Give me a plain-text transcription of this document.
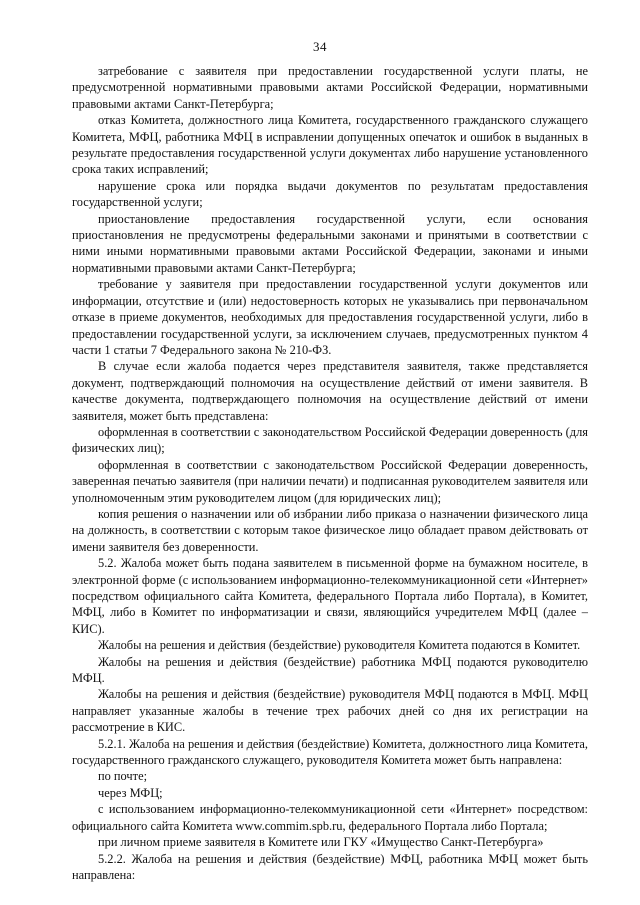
34

затребование с заявителя при предоставлении государственной услуги платы, не предусмотренной нормативными правовыми актами Российской Федерации, нормативными правовыми актами Санкт-Петербурга;

отказ Комитета, должностного лица Комитета, государственного гражданского служащего Комитета, МФЦ, работника МФЦ в исправлении допущенных опечаток и ошибок в выданных в результате предоставления государственной услуги документах либо нарушение установленного срока таких исправлений;

нарушение срока или порядка выдачи документов по результатам предоставления государственной услуги;

приостановление предоставления государственной услуги, если основания приостановления не предусмотрены федеральными законами и принятыми в соответствии с ними иными нормативными правовыми актами Российской Федерации, законами и иными нормативными правовыми актами Санкт-Петербурга;

требование у заявителя при предоставлении государственной услуги документов или информации, отсутствие и (или) недостоверность которых не указывались при первоначальном отказе в приеме документов, необходимых для предоставления государственной услуги, либо в предоставлении государственной услуги, за исключением случаев, предусмотренных пунктом 4 части 1 статьи 7 Федерального закона № 210-ФЗ.

В случае если жалоба подается через представителя заявителя, также представляется документ, подтверждающий полномочия на осуществление действий от имени заявителя. В качестве документа, подтверждающего полномочия на осуществление действий от имени заявителя, может быть представлена:

оформленная в соответствии с законодательством Российской Федерации доверенность (для физических лиц);

оформленная в соответствии с законодательством Российской Федерации доверенность, заверенная печатью заявителя (при наличии печати) и подписанная руководителем заявителя или уполномоченным этим руководителем лицом (для юридических лиц);

копия решения о назначении или об избрании либо приказа о назначении физического лица на должность, в соответствии с которым такое физическое лицо обладает правом действовать от имени заявителя без доверенности.

5.2. Жалоба может быть подана заявителем в письменной форме на бумажном носителе, в электронной форме (с использованием информационно-телекоммуникационной сети «Интернет» посредством официального сайта Комитета, федерального Портала либо Портала), в Комитет, МФЦ, либо в Комитет по информатизации и связи, являющийся учредителем МФЦ (далее – КИС).

Жалобы на решения и действия (бездействие) руководителя Комитета подаются в Комитет.

Жалобы на решения и действия (бездействие) работника МФЦ подаются руководителю МФЦ.

Жалобы на решения и действия (бездействие) руководителя МФЦ подаются в МФЦ. МФЦ направляет указанные жалобы в течение трех рабочих дней со дня их регистрации на рассмотрение в КИС.

5.2.1. Жалоба на решения и действия (бездействие) Комитета, должностного лица Комитета, государственного гражданского служащего, руководителя Комитета может быть направлена:

по почте;

через МФЦ;

с использованием информационно-телекоммуникационной сети «Интернет» посредством: официального сайта Комитета www.commim.spb.ru, федерального Портала либо Портала;

при личном приеме заявителя в Комитете или ГКУ «Имущество Санкт-Петербурга»

5.2.2. Жалоба на решения и действия (бездействие) МФЦ, работника МФЦ может быть направлена:
